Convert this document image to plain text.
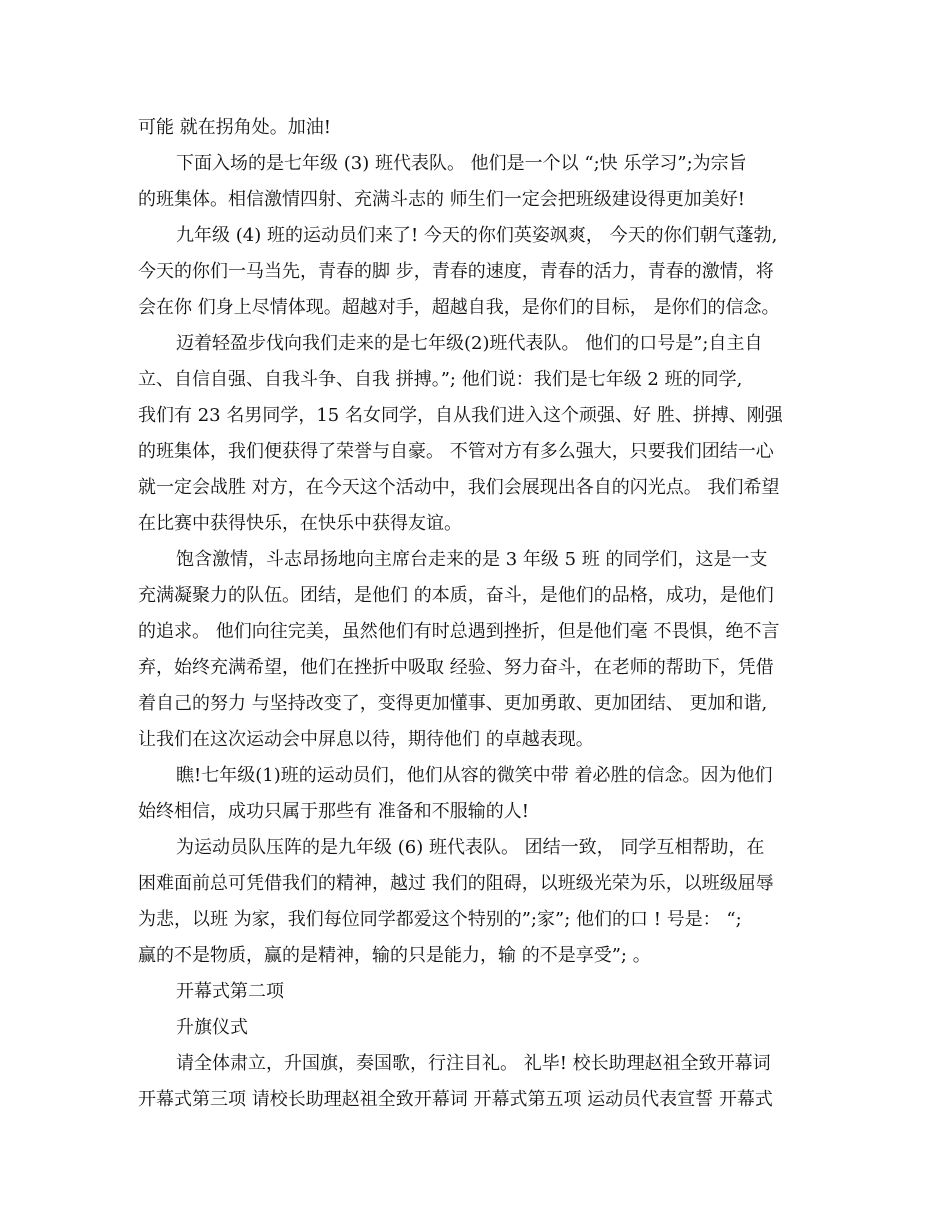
可能 就在拐角处。加油!
下面入场的是七年级 (3) 班代表队。 他们是一个以 “;快 乐学习”;为宗旨
的班集体。相信激情四射、充满斗志的 师生们一定会把班级建设得更加美好!
九年级 (4) 班的运动员们来了! 今天的你们英姿飒爽， 今天的你们朝气蓬勃,
今天的你们一马当先，青春的脚 步，青春的速度，青春的活力，青春的激情，将
会在你 们身上尽情体现。超越对手，超越自我，是你们的目标， 是你们的信念。
迈着轻盈步伐向我们走来的是七年级(2)班代表队。 他们的口号是”;自主自
立、自信自强、自我斗争、自我 拼搏。”; 他们说：我们是七年级 2 班的同学,
我们有 23 名男同学，15 名女同学，自从我们进入这个顽强、好 胜、拼搏、刚强
的班集体，我们便获得了荣誉与自豪。 不管对方有多么强大，只要我们团结一心
就一定会战胜 对方，在今天这个活动中，我们会展现出各自的闪光点。 我们希望
在比赛中获得快乐，在快乐中获得友谊。
饱含激情，斗志昂扬地向主席台走来的是 3 年级 5 班 的同学们，这是一支
充满凝聚力的队伍。团结，是他们 的本质，奋斗，是他们的品格，成功，是他们
的追求。 他们向往完美，虽然他们有时总遇到挫折，但是他们毫 不畏惧，绝不言
弃，始终充满希望，他们在挫折中吸取 经验、努力奋斗，在老师的帮助下，凭借
着自己的努力 与坚持改变了，变得更加懂事、更加勇敢、更加团结、 更加和谐,
让我们在这次运动会中屏息以待，期待他们 的卓越表现。
瞧!七年级(1)班的运动员们，他们从容的微笑中带 着必胜的信念。因为他们
始终相信，成功只属于那些有 准备和不服输的人!
为运动员队压阵的是九年级 (6) 班代表队。 团结一致， 同学互相帮助，在
困难面前总可凭借我们的精神，越过 我们的阻碍，以班级光荣为乐，以班级屈辱
为悲，以班 为家，我们每位同学都爱这个特别的”;家”; 他们的口 ! 号是： “;
赢的不是物质，赢的是精神，输的只是能力，输 的不是享受”; 。
开幕式第二项
升旗仪式
请全体肃立，升国旗，奏国歌，行注目礼。 礼毕! 校长助理赵祖全致开幕词
开幕式第三项 请校长助理赵祖全致开幕词 开幕式第五项 运动员代表宣誓 开幕式
